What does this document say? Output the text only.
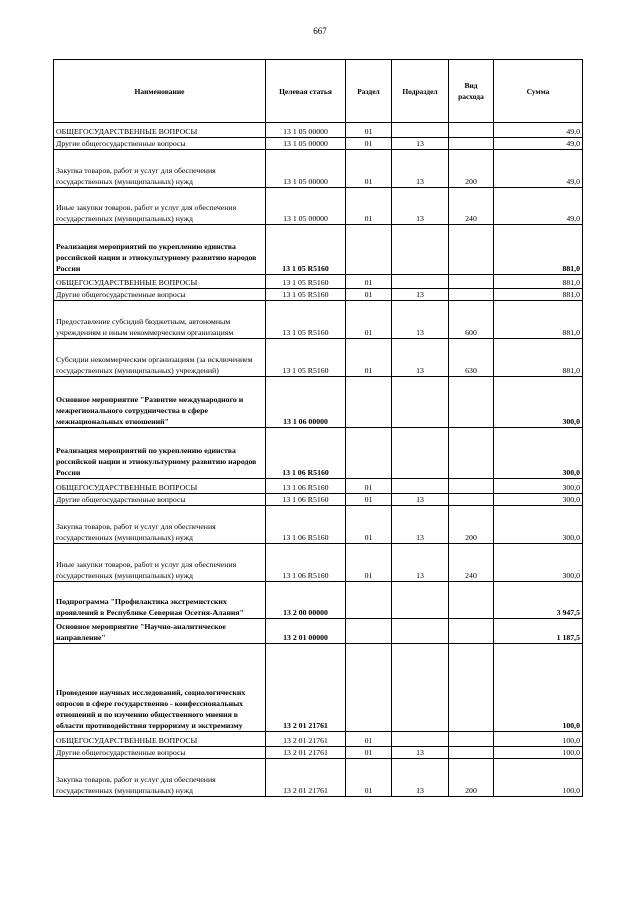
667
Наименование	Целевая статья	Раздел	Подраздел	Вид расхода	Сумма
ОБЩЕГОСУДАРСТВЕННЫЕ ВОПРОСЫ	13 1 05 00000	01			49,0
Другие общегосударственные вопросы	13 1 05 00000	01	13		49,0
Закупка товаров, работ и услуг для обеспечения государственных (муниципальных) нужд	13 1 05 00000	01	13	200	49,0
Иные закупки товаров, работ и услуг для обеспечения государственных (муниципальных) нужд	13 1 05 00000	01	13	240	49,0
Реализация мероприятий по укреплению единства российской нации и этнокультурному развитию народов России	13 1 05 R5160				881,0
ОБЩЕГОСУДАРСТВЕННЫЕ ВОПРОСЫ	13 1 05 R5160	01			881,0
Другие общегосударственные вопросы	13 1 05 R5160	01	13		881,0
Предоставление субсидий бюджетным, автономным учреждениям и иным некоммерческим организациям	13 1 05 R5160	01	13	600	881,0
Субсидии некоммерческим организациям (за исключением государственных (муниципальных) учреждений)	13 1 05 R5160	01	13	630	881,0
Основное мероприятие "Развитие международного и межрегионального сотрудничества в сфере межнациональных отношений"	13 1 06 00000				300,0
Реализация мероприятий по укреплению единства российской нации и этнокультурному развитию народов России	13 1 06 R5160				300,0
ОБЩЕГОСУДАРСТВЕННЫЕ ВОПРОСЫ	13 1 06 R5160	01			300,0
Другие общегосударственные вопросы	13 1 06 R5160	01	13		300,0
Закупка товаров, работ и услуг для обеспечения государственных (муниципальных) нужд	13 1 06 R5160	01	13	200	300,0
Иные закупки товаров, работ и услуг для обеспечения государственных (муниципальных) нужд	13 1 06 R5160	01	13	240	300,0
Подпрограмма "Профилактика экстремистских проявлений в Республике Северная Осетия-Алания"	13 2 00 00000				3 947,5
Основное мероприятие "Научно-аналитическое направление"	13 2 01 00000				1 187,5
Проведение научных исследований, социологических опросов в сфере государственно - конфессиональных отношений и по изучению общественного мнения в области противодействия терроризму и экстремизму	13 2 01 21761				100,0
ОБЩЕГОСУДАРСТВЕННЫЕ ВОПРОСЫ	13 2 01 21761	01			100,0
Другие общегосударственные вопросы	13 2 01 21761	01	13		100,0
Закупка товаров, работ и услуг для обеспечения государственных (муниципальных) нужд	13 2 01 21761	01	13	200	100,0
